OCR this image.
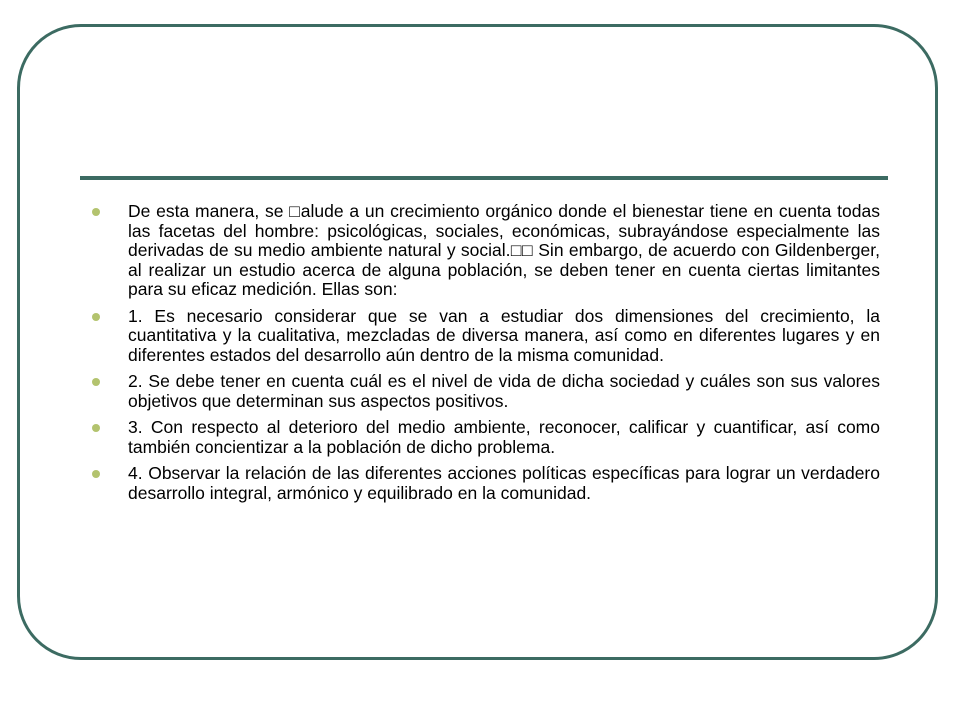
De esta manera, se □alude a un crecimiento orgánico donde el bienestar tiene en cuenta todas las facetas del hombre: psicológicas, sociales, económicas, subrayándose especialmente las derivadas de su medio ambiente natural y social.□□ Sin embargo, de acuerdo con Gildenberger, al realizar un estudio acerca de alguna población, se deben tener en cuenta ciertas limitantes para su eficaz medición. Ellas son:
1. Es necesario considerar que se van a estudiar dos dimensiones del crecimiento, la cuantitativa y la cualitativa, mezcladas de diversa manera, así como en diferentes lugares y en diferentes estados del desarrollo aún dentro de la misma comunidad.
2. Se debe tener en cuenta cuál es el nivel de vida de dicha sociedad y cuáles son sus valores objetivos que determinan sus aspectos positivos.
3. Con respecto al deterioro del medio ambiente, reconocer, calificar y cuantificar, así como también concientizar a la población de dicho problema.
4. Observar la relación de las diferentes acciones políticas específicas para lograr un verdadero desarrollo integral, armónico y equilibrado en la comunidad.
